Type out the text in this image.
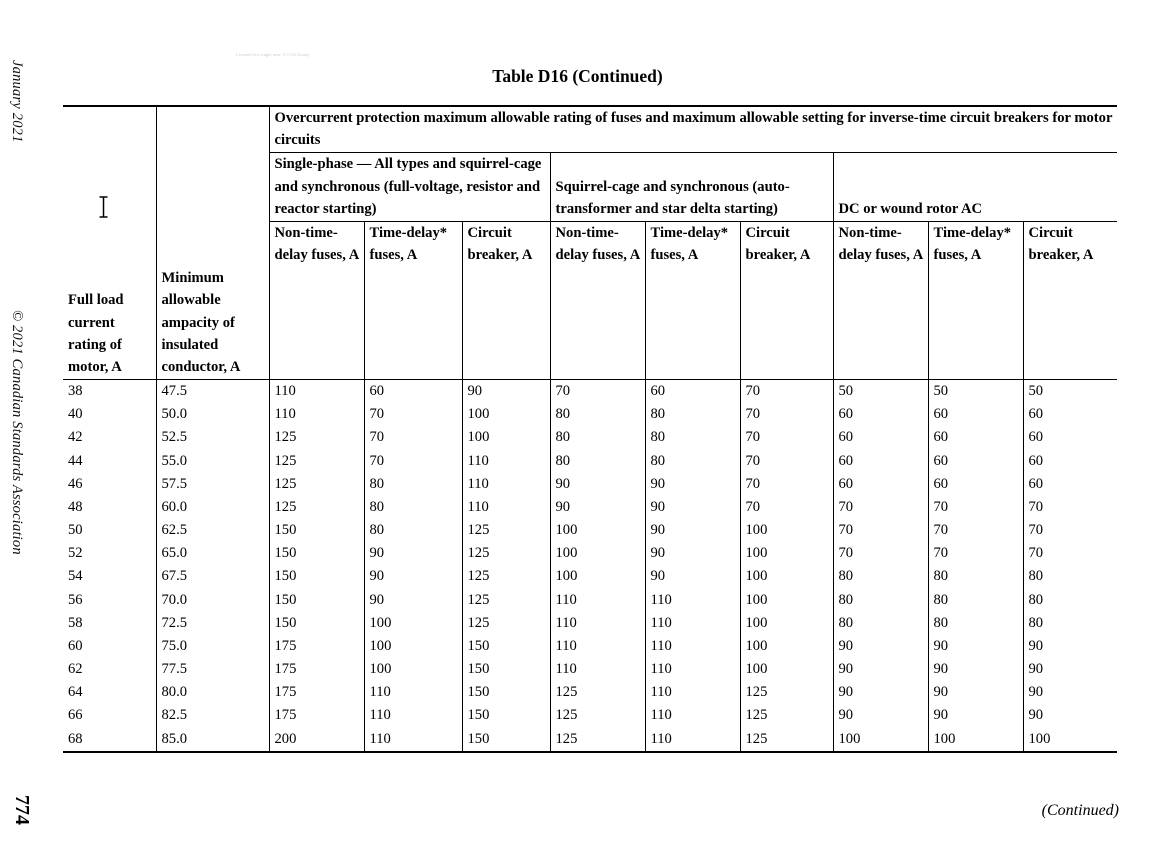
January 2021
© 2021 Canadian Standards Association
774
Licensed for single user. © CSA Group
Table D16 (Continued)
		Overcurrent protection maximum allowable rating of fuses and maximum allowable setting for inverse-time circuit breakers for motor circuits								
		Single-phase — All types and squirrel-cage and synchronous (full-voltage, resistor and reactor starting)			Squirrel-cage and synchronous (auto-transformer and star delta starting)			DC or wound rotor AC		
		Non-time-delay fuses, A	Time-delay* fuses, A	Circuit breaker, A	Non-time-delay fuses, A	Time-delay* fuses, A	Circuit breaker, A	Non-time-delay fuses, A	Time-delay* fuses, A	Circuit breaker, A
Full load current rating of motor, A	Minimum allowable ampacity of insulated conductor, A									
38	47.5	110	60	90	70	60	70	50	50	50
40	50.0	110	70	100	80	80	70	60	60	60
42	52.5	125	70	100	80	80	70	60	60	60
44	55.0	125	70	110	80	80	70	60	60	60
46	57.5	125	80	110	90	90	70	60	60	60
48	60.0	125	80	110	90	90	70	70	70	70
50	62.5	150	80	125	100	90	100	70	70	70
52	65.0	150	90	125	100	90	100	70	70	70
54	67.5	150	90	125	100	90	100	80	80	80
56	70.0	150	90	125	110	110	100	80	80	80
58	72.5	150	100	125	110	110	100	80	80	80
60	75.0	175	100	150	110	110	100	90	90	90
62	77.5	175	100	150	110	110	100	90	90	90
64	80.0	175	110	150	125	110	125	90	90	90
66	82.5	175	110	150	125	110	125	90	90	90
68	85.0	200	110	150	125	110	125	100	100	100
(Continued)
